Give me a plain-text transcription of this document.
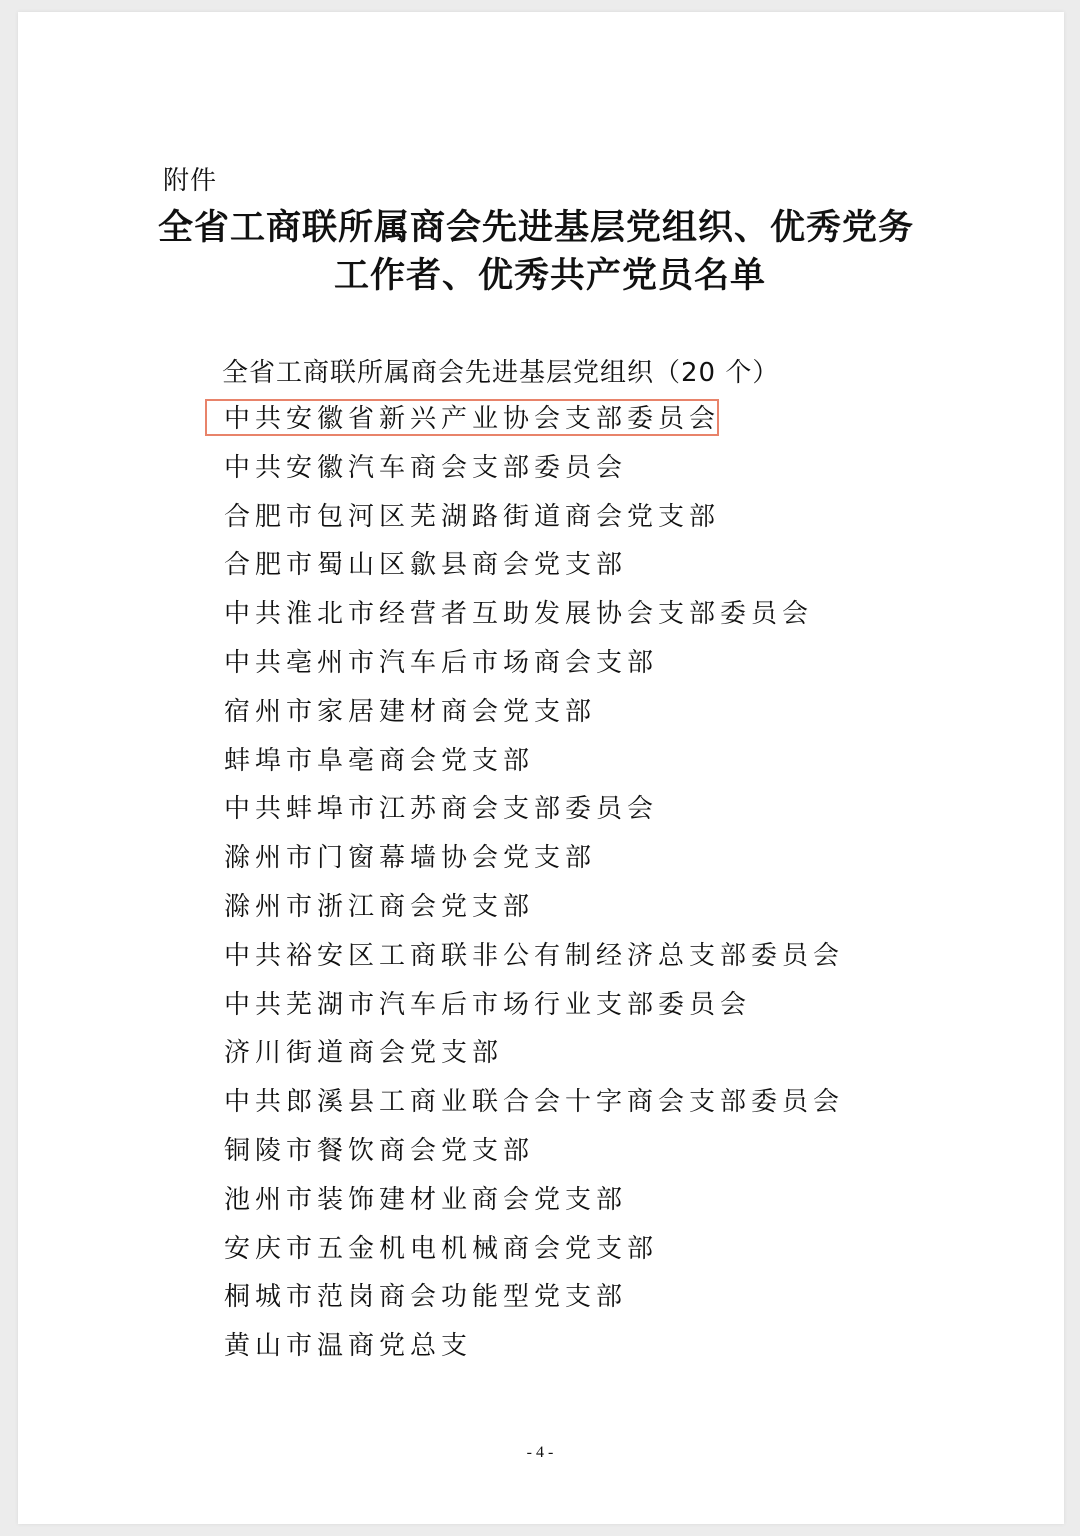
附件
全省工商联所属商会先进基层党组织、优秀党务
工作者、优秀共产党员名单
全省工商联所属商会先进基层党组织（20 个）
中共安徽省新兴产业协会支部委员会
中共安徽汽车商会支部委员会
合肥市包河区芜湖路街道商会党支部
合肥市蜀山区歙县商会党支部
中共淮北市经营者互助发展协会支部委员会
中共亳州市汽车后市场商会支部
宿州市家居建材商会党支部
蚌埠市阜亳商会党支部
中共蚌埠市江苏商会支部委员会
滁州市门窗幕墙协会党支部
滁州市浙江商会党支部
中共裕安区工商联非公有制经济总支部委员会
中共芜湖市汽车后市场行业支部委员会
济川街道商会党支部
中共郎溪县工商业联合会十字商会支部委员会
铜陵市餐饮商会党支部
池州市装饰建材业商会党支部
安庆市五金机电机械商会党支部
桐城市范岗商会功能型党支部
黄山市温商党总支
- 4 -
